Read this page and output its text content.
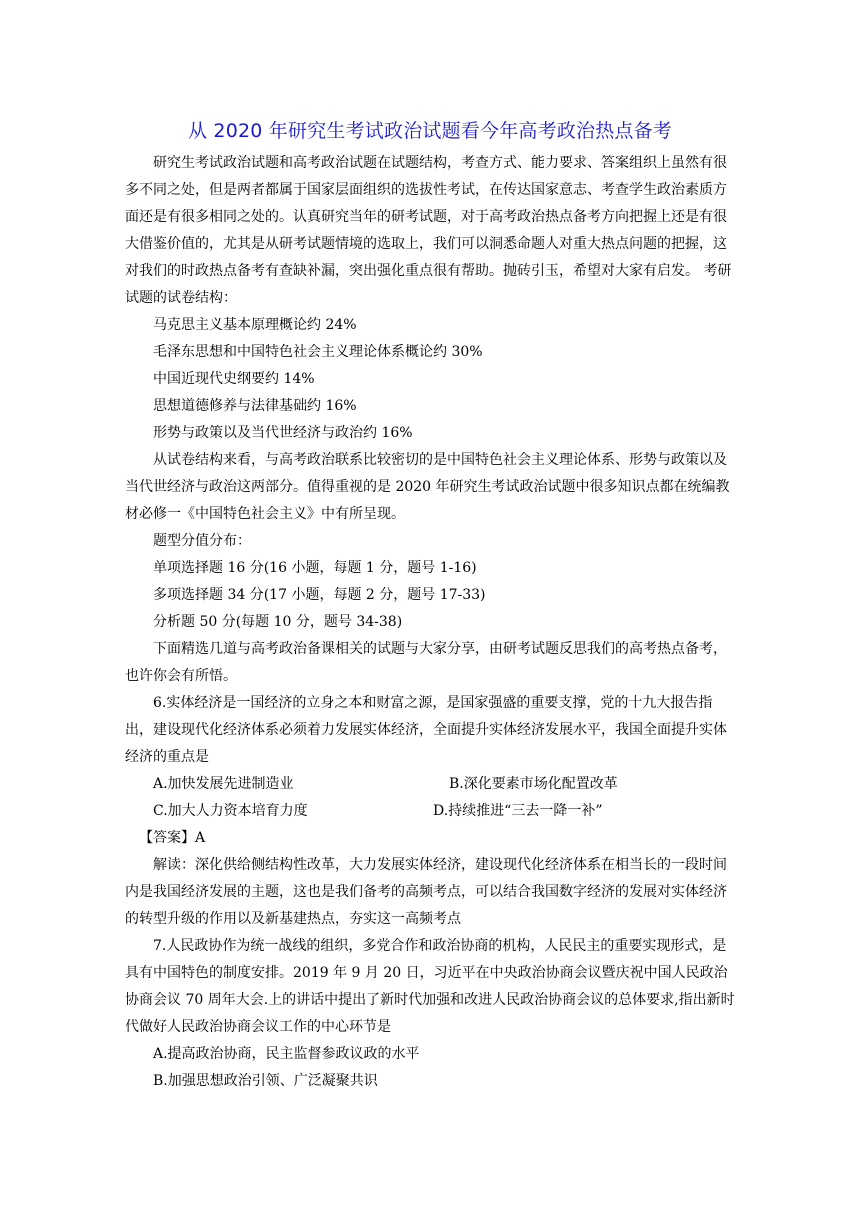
从 2020 年研究生考试政治试题看今年高考政治热点备考

研究生考试政治试题和高考政治试题在试题结构，考查方式、能力要求、答案组织上虽然有很多不同之处，但是两者都属于国家层面组织的选拔性考试，在传达国家意志、考查学生政治素质方面还是有很多相同之处的。认真研究当年的研考试题，对于高考政治热点备考方向把握上还是有很大借鉴价值的，尤其是从研考试题情境的选取上，我们可以洞悉命题人对重大热点问题的把握，这对我们的时政热点备考有查缺补漏，突出强化重点很有帮助。抛砖引玉，希望对大家有启发。 考研试题的试卷结构：

马克思主义基本原理概论约 24%

毛泽东思想和中国特色社会主义理论体系概论约 30%

中国近现代史纲要约 14%

思想道德修养与法律基础约 16%

形势与政策以及当代世经济与政治约 16%

从试卷结构来看，与高考政治联系比较密切的是中国特色社会主义理论体系、形势与政策以及当代世经济与政治这两部分。值得重视的是 2020 年研究生考试政治试题中很多知识点都在统编教材必修一《中国特色社会主义》中有所呈现。

题型分值分布：

单项选择题 16 分(16 小题，每题 1 分，题号 1-16)

多项选择题 34 分(17 小题，每题 2 分，题号 17-33)

分析题 50 分(每题 10 分，题号 34-38)

下面精选几道与高考政治备课相关的试题与大家分享，由研考试题反思我们的高考热点备考，也许你会有所悟。

6.实体经济是一国经济的立身之本和财富之源，是国家强盛的重要支撑，党的十九大报告指出，建设现代化经济体系必须着力发展实体经济，全面提升实体经济发展水平，我国全面提升实体经济的重点是

A.加快发展先进制造业	B.深化要素市场化配置改革
C.加大人力资本培育力度	D.持续推进“三去一降一补”

【答案】A

解读：深化供给侧结构性改革，大力发展实体经济，建设现代化经济体系在相当长的一段时间内是我国经济发展的主题，这也是我们备考的高频考点，可以结合我国数字经济的发展对实体经济的转型升级的作用以及新基建热点，夯实这一高频考点

7.人民政协作为统一战线的组织，多党合作和政治协商的机构，人民民主的重要实现形式，是具有中国特色的制度安排。2019 年 9 月 20 日，习近平在中央政治协商会议暨庆祝中国人民政治协商会议 70 周年大会.上的讲话中提出了新时代加强和改进人民政治协商会议的总体要求,指出新时代做好人民政治协商会议工作的中心环节是

A.提高政治协商，民主监督参政议政的水平

B.加强思想政治引领、广泛凝聚共识
